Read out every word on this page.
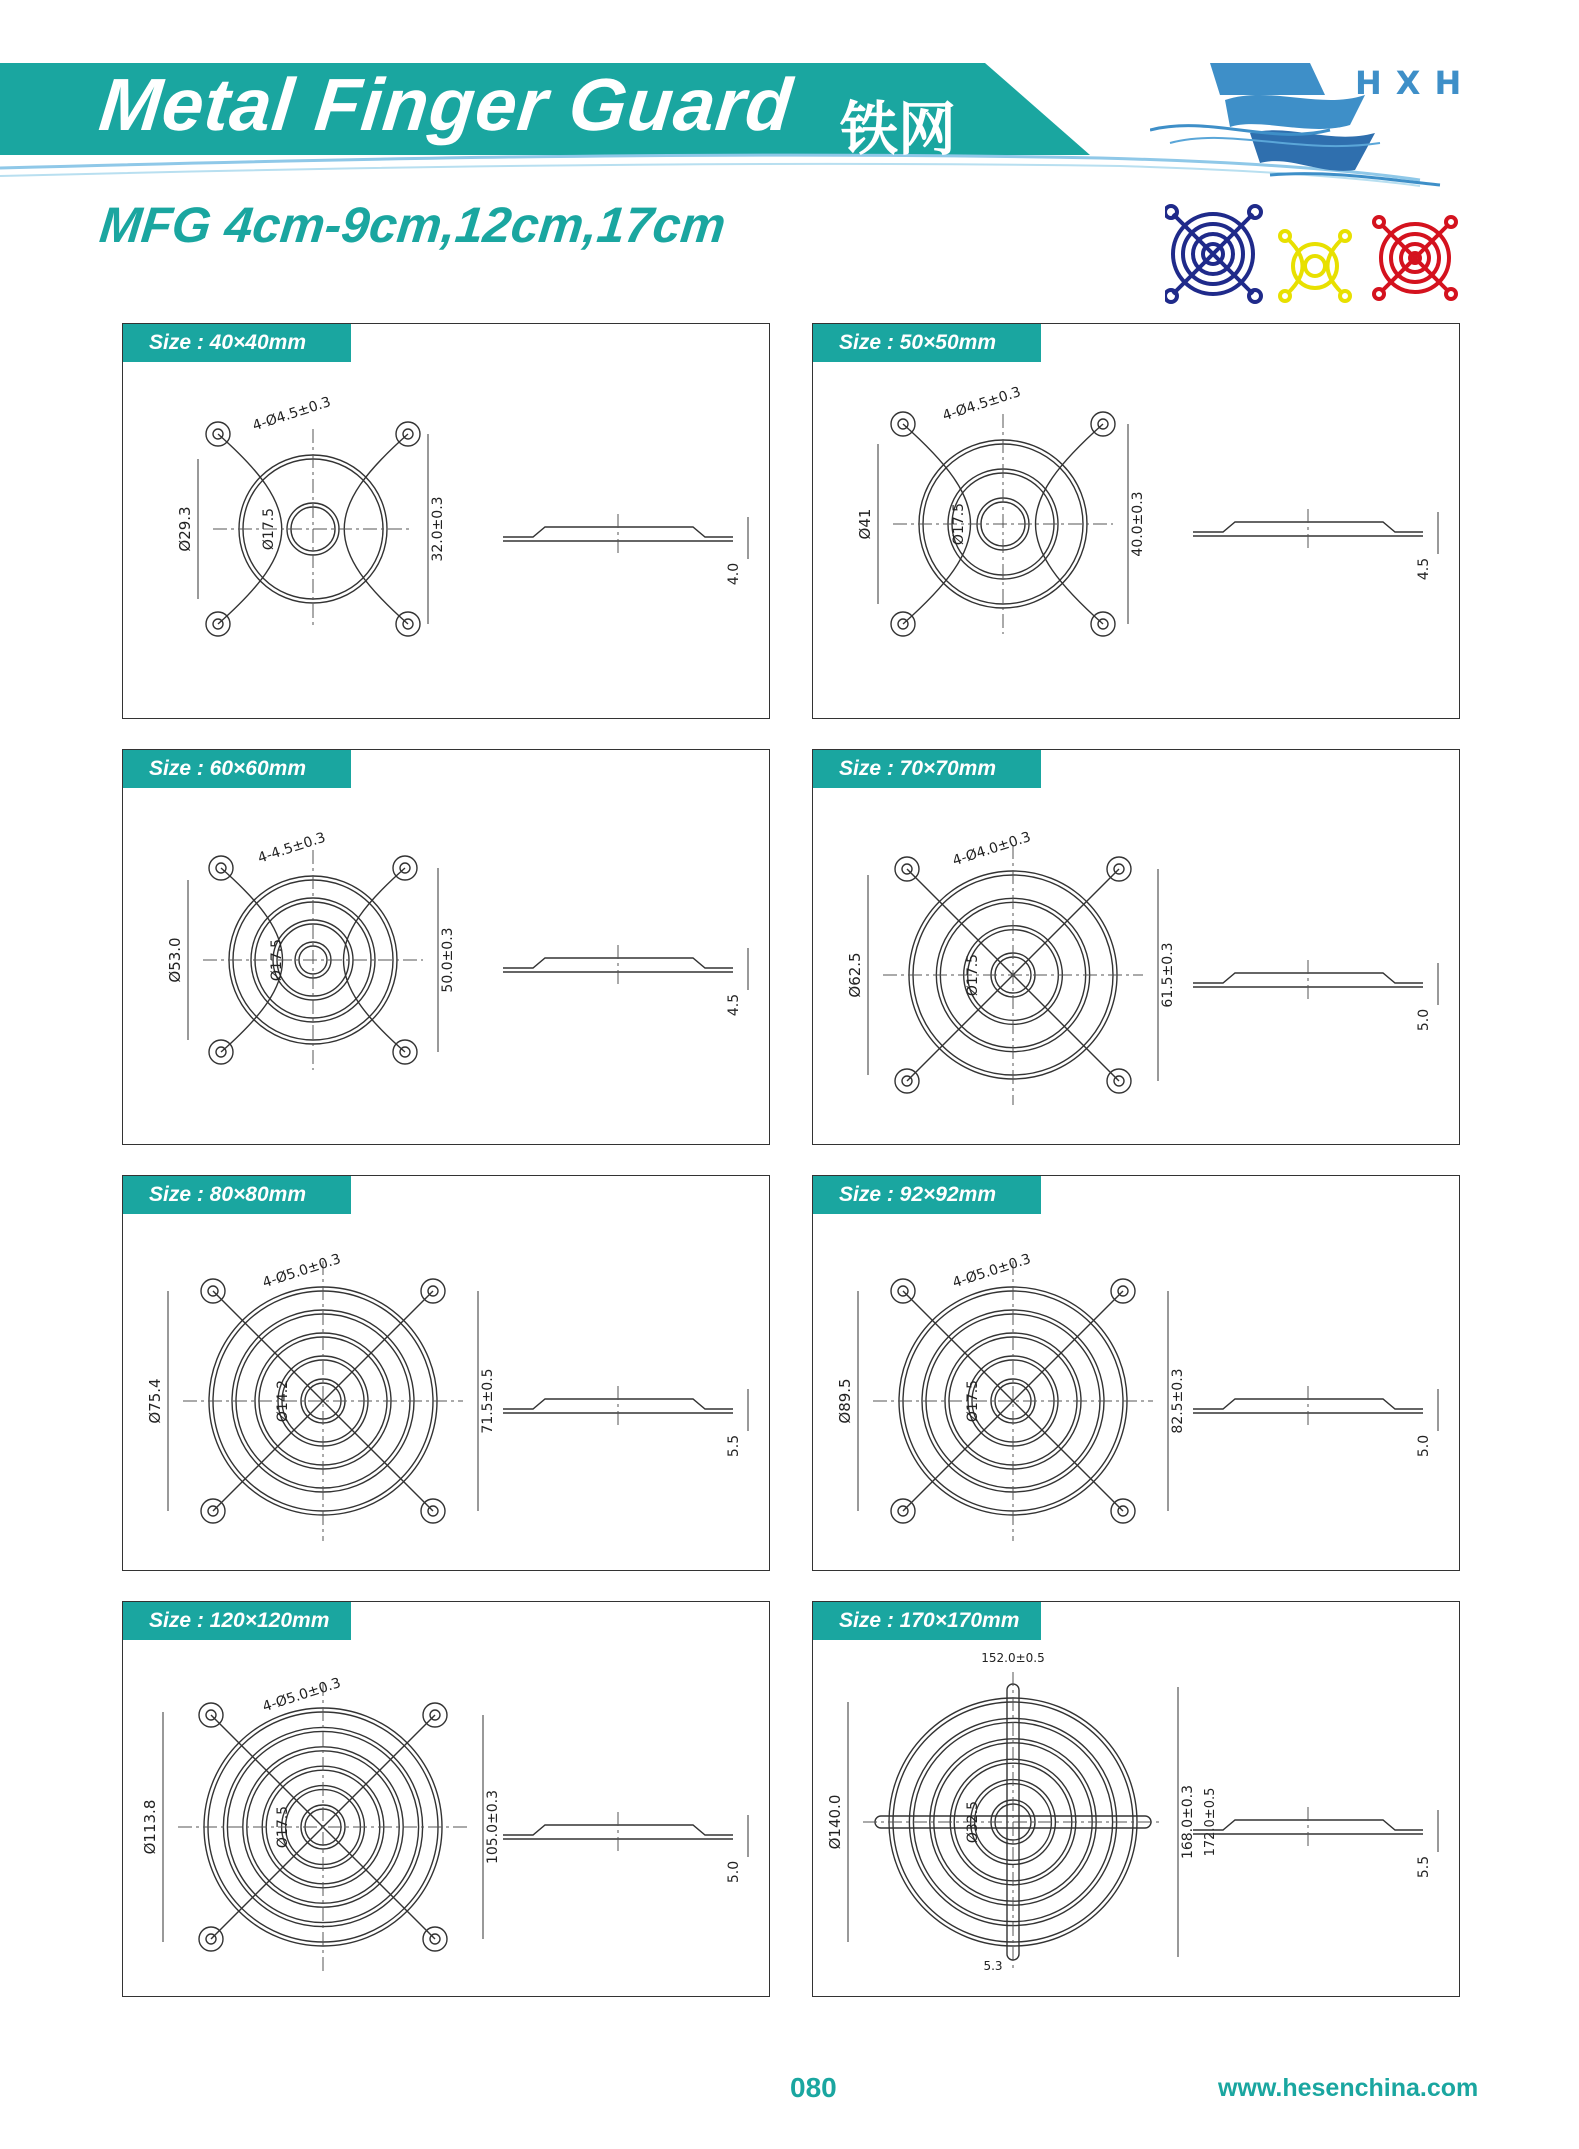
Metal Finger Guard 铁网
MFG 4cm-9cm,12cm,17cm
HXH
Size : 40×40mm
Ø29.3	Ø17.5	32.0±0.3
4-Ø4.5±0.3
4.0
Size : 50×50mm
Ø41	Ø17.5	40.0±0.3
4-Ø4.5±0.3
4.5
Size : 60×60mm
Ø53.0	Ø17.5	50.0±0.3
4-4.5±0.3
4.5
Size : 70×70mm
Ø62.5	Ø17.5	61.5±0.3
4-Ø4.0±0.3
5.0
Size : 80×80mm
Ø75.4	Ø14.2	71.5±0.5
4-Ø5.0±0.3
5.5
Size : 92×92mm
Ø89.5	Ø17.5	82.5±0.3
4-Ø5.0±0.3
5.0
Size : 120×120mm
Ø113.8	Ø17.5	105.0±0.3
4-Ø5.0±0.3
5.0
Size : 170×170mm
Ø140.0	Ø32.5	168.0±0.3
152.0±0.5
172.0±0.5
5.3
5.5
080	www.hesenchina.com
